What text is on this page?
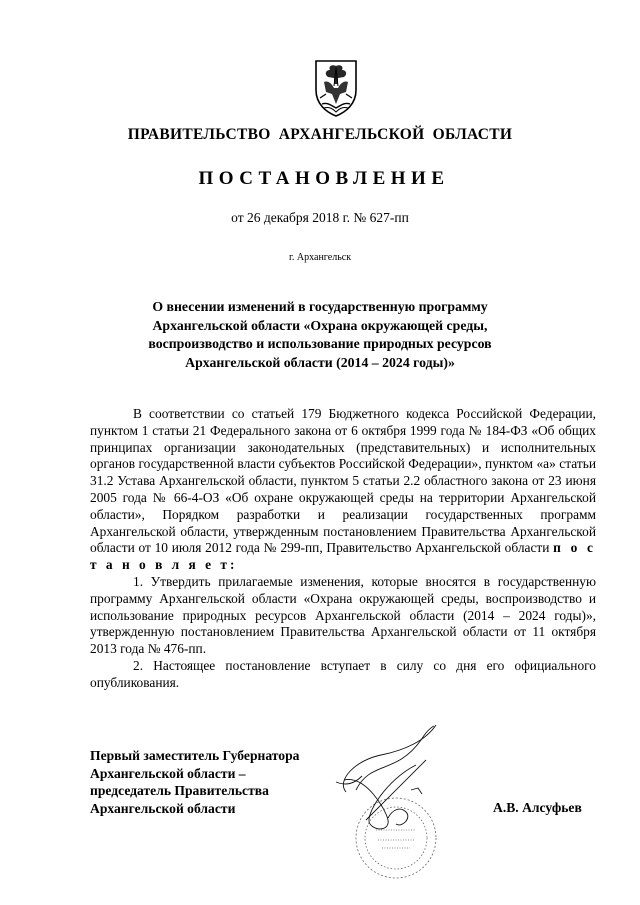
ПРАВИТЕЛЬСТВО АРХАНГЕЛЬСКОЙ ОБЛАСТИ
ПОСТАНОВЛЕНИЕ
от 26 декабря 2018 г. № 627-пп
г. Архангельск
О внесении изменений в государственную программу
Архангельской области «Охрана окружающей среды,
воспроизводство и использование природных ресурсов
Архангельской области (2014 – 2024 годы)»

В соответствии со статьей 179 Бюджетного кодекса Российской Федерации, пунктом 1 статьи 21 Федерального закона от 6 октября 1999 года № 184-ФЗ «Об общих принципах организации законодательных (представительных) и исполнительных органов государственной власти субъектов Российской Федерации», пунктом «а» статьи 31.2 Устава Архангельской области, пунктом 5 статьи 2.2 областного закона от 23 июня 2005 года № 66-4-ОЗ «Об охране окружающей среды на территории Архангельской области», Порядком разработки и реализации государственных программ Архангельской области, утвержденным постановлением Правительства Архангельской области от 10 июля 2012 года № 299-пп, Правительство Архангельской области п о с т а н о в л я е т:

1. Утвердить прилагаемые изменения, которые вносятся в государственную программу Архангельской области «Охрана окружающей среды, воспроизводство и использование природных ресурсов Архангельской области (2014 – 2024 годы)», утвержденную постановлением Правительства Архангельской области от 11 октября 2013 года № 476-пп.

2. Настоящее постановление вступает в силу со дня его официального опубликования.

Первый заместитель Губернатора
Архангельской области –
председатель Правительства
Архангельской области	А.В. Алсуфьев
